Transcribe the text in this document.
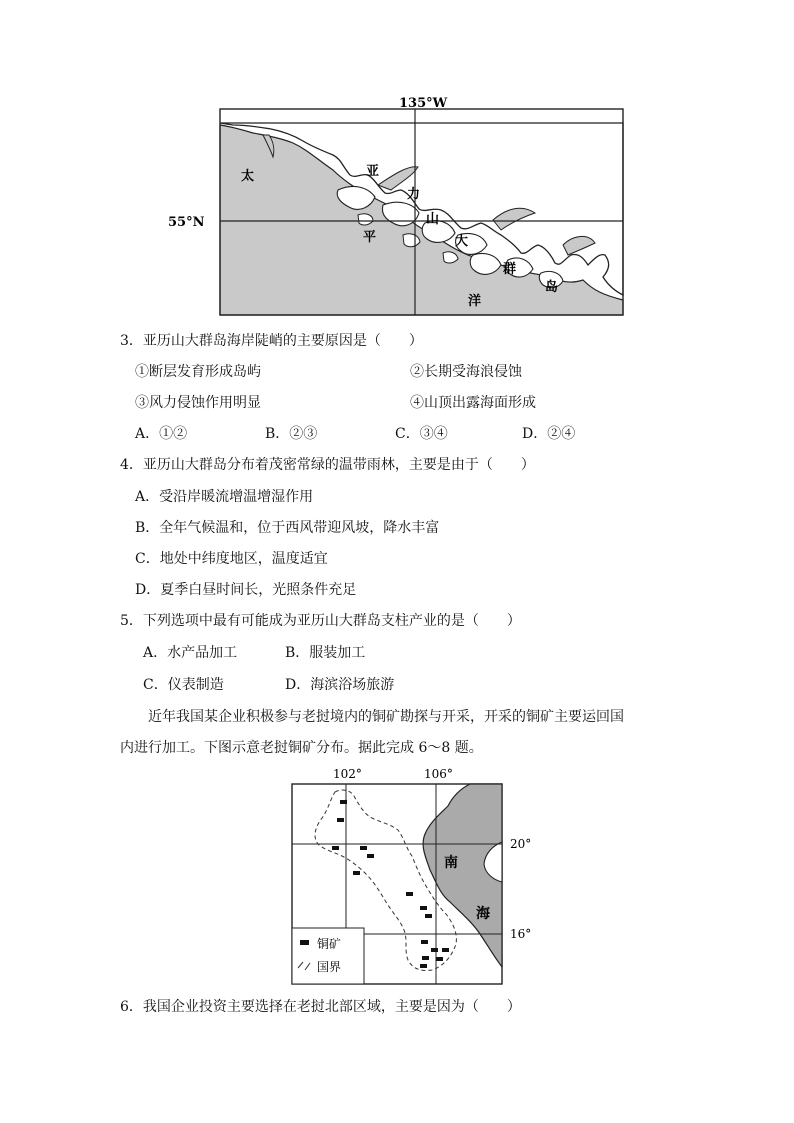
135°W
55°N
太
平
洋
亚
力
山
大
群
岛
3．亚历山大群岛海岸陡峭的主要原因是（　　）
①断层发育形成岛屿	②长期受海浪侵蚀
③风力侵蚀作用明显	④山顶出露海面形成
A．①②	B．②③	C．③④	D．②④
4．亚历山大群岛分布着茂密常绿的温带雨林，主要是由于（　　）
A．受沿岸暖流增温增湿作用
B．全年气候温和，位于西风带迎风坡，降水丰富
C．地处中纬度地区，温度适宜
D．夏季白昼时间长，光照条件充足
5．下列选项中最有可能成为亚历山大群岛支柱产业的是（　　）
A．水产品加工	B．服装加工
C．仪表制造	D．海滨浴场旅游
近年我国某企业积极参与老挝境内的铜矿勘探与开采，开采的铜矿主要运回国
内进行加工。下图示意老挝铜矿分布。据此完成 6～8 题。
铜矿
国界
102°	106°
20°
16°
南
海
6．我国企业投资主要选择在老挝北部区域，主要是因为（　　）
